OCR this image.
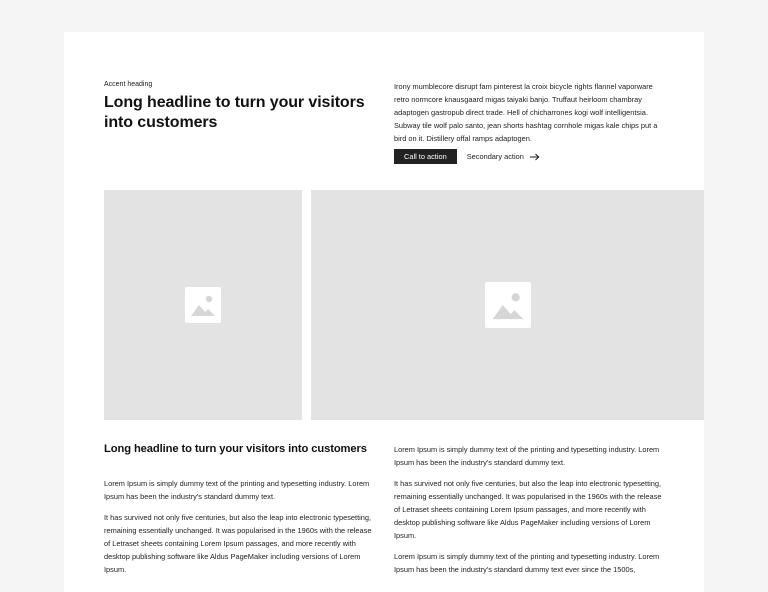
Accent heading
Long headline to turn your visitors into customers
Irony mumblecore disrupt fam pinterest la croix bicycle rights flannel vaporware retro normcore knausgaard migas taiyaki banjo. Truffaut heirloom chambray adaptogen gastropub direct trade. Hell of chicharrones kogi wolf intelligentsia. Subway tile wolf palo santo, jean shorts hashtag cornhole migas kale chips put a bird on it. Distillery offal ramps adaptogen.
Call to action	Secondary action
Long headline to turn your visitors into customers

Lorem Ipsum is simply dummy text of the printing and typesetting industry. Lorem Ipsum has been the industry's standard dummy text.

It has survived not only five centuries, but also the leap into electronic typesetting, remaining essentially unchanged. It was popularised in the 1960s with the release of Letraset sheets containing Lorem Ipsum passages, and more recently with desktop publishing software like Aldus PageMaker including versions of Lorem Ipsum.

Lorem Ipsum is simply dummy text of the printing and typesetting industry. Lorem Ipsum has been the industry's standard dummy text.

It has survived not only five centuries, but also the leap into electronic typesetting, remaining essentially unchanged. It was popularised in the 1960s with the release of Letraset sheets containing Lorem Ipsum passages, and more recently with desktop publishing software like Aldus PageMaker including versions of Lorem Ipsum.

Lorem Ipsum is simply dummy text of the printing and typesetting industry. Lorem Ipsum has been the industry's standard dummy text ever since the 1500s,
